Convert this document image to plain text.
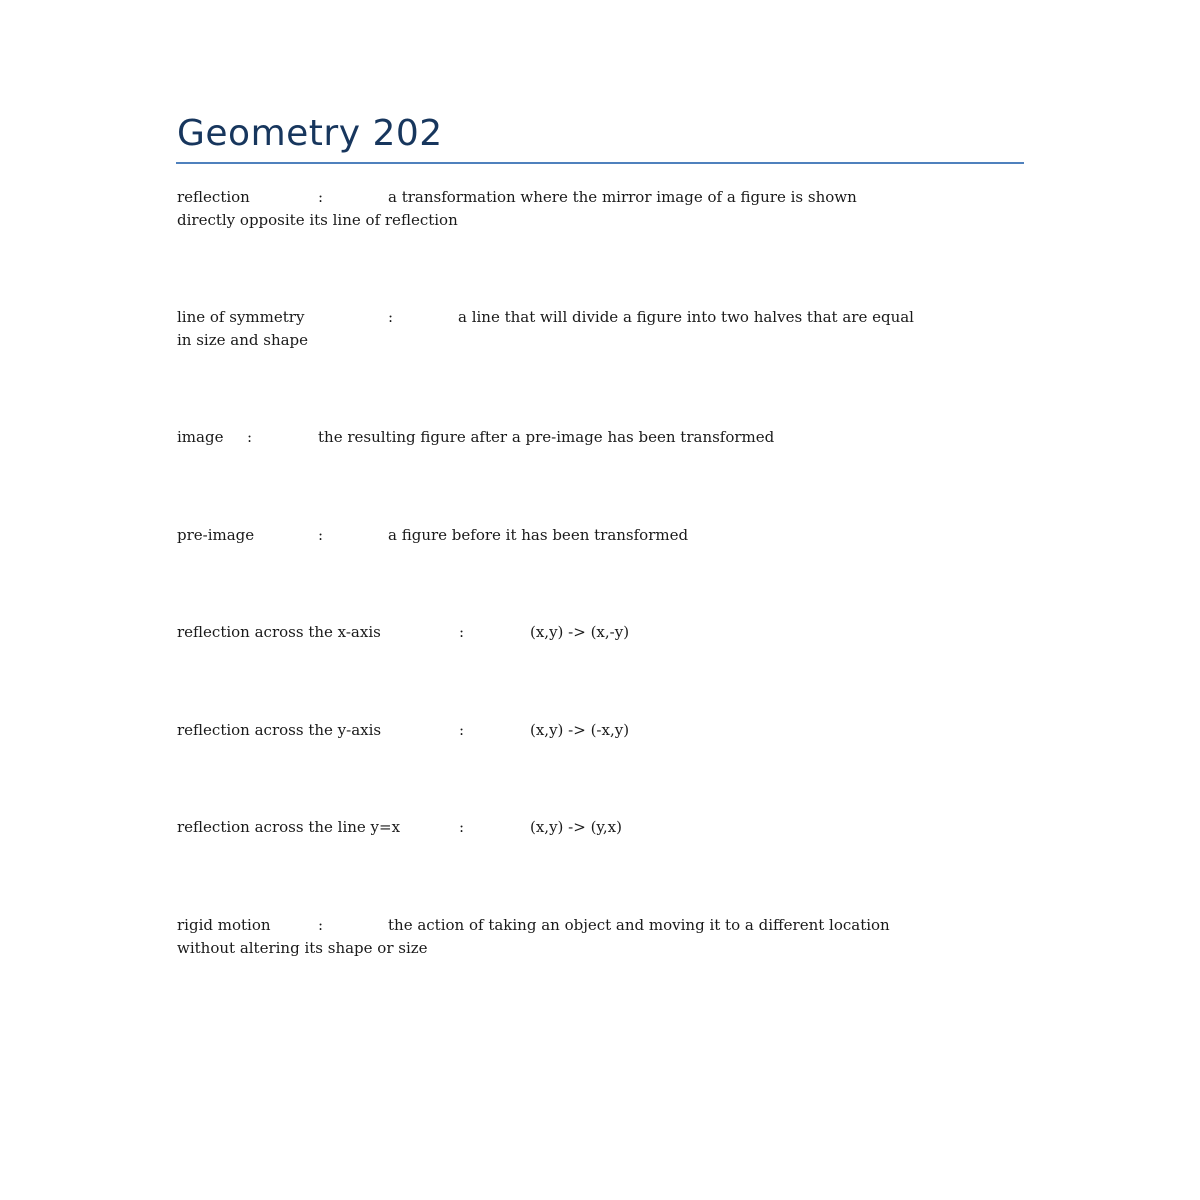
Geometry 202
reflection	:	a transformation where the mirror image of a figure is shown
directly opposite its line of reflection
line of symmetry	:	a line that will divide a figure into two halves that are equal
in size and shape
image :	the resulting figure after a pre-image has been transformed
pre-image	:	a figure before it has been transformed
reflection across the x-axis	:	(x,y) -> (x,-y)
reflection across the y-axis	:	(x,y) -> (-x,y)
reflection across the line y=x	:	(x,y) -> (y,x)
rigid motion	:	the action of taking an object and moving it to a different location
without altering its shape or size
